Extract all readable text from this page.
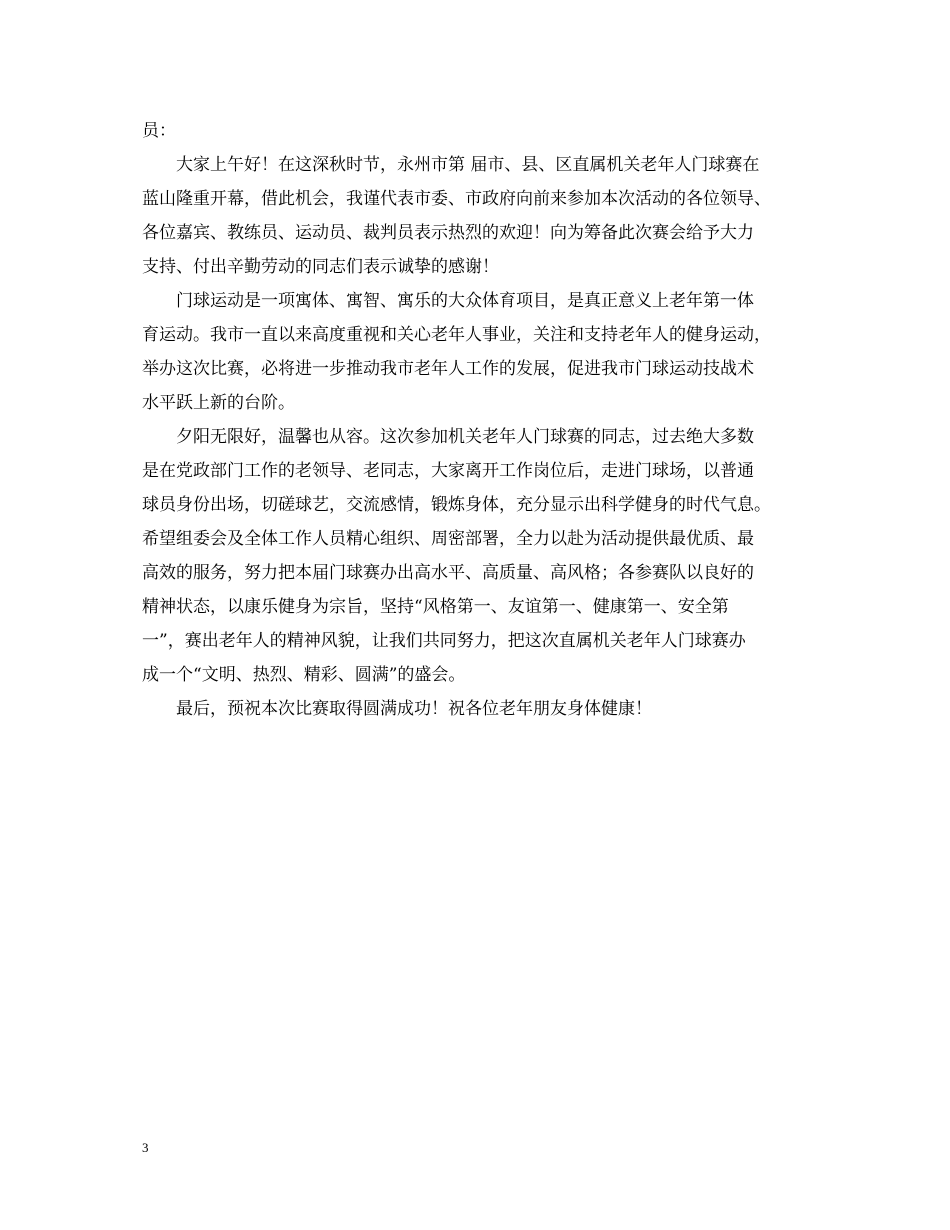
员：
大家上午好！在这深秋时节，永州市第 届市、县、区直属机关老年人门球赛在
蓝山隆重开幕，借此机会，我谨代表市委、市政府向前来参加本次活动的各位领导、
各位嘉宾、教练员、运动员、裁判员表示热烈的欢迎！向为筹备此次赛会给予大力
支持、付出辛勤劳动的同志们表示诚挚的感谢！
门球运动是一项寓体、寓智、寓乐的大众体育项目，是真正意义上老年第一体
育运动。我市一直以来高度重视和关心老年人事业，关注和支持老年人的健身运动，
举办这次比赛，必将进一步推动我市老年人工作的发展，促进我市门球运动技战术
水平跃上新的台阶。
夕阳无限好，温馨也从容。这次参加机关老年人门球赛的同志，过去绝大多数
是在党政部门工作的老领导、老同志，大家离开工作岗位后，走进门球场，以普通
球员身份出场，切磋球艺，交流感情，锻炼身体，充分显示出科学健身的时代气息。
希望组委会及全体工作人员精心组织、周密部署，全力以赴为活动提供最优质、最
高效的服务，努力把本届门球赛办出高水平、高质量、高风格；各参赛队以良好的
精神状态，以康乐健身为宗旨，坚持“风格第一、友谊第一、健康第一、安全第
一”，赛出老年人的精神风貌，让我们共同努力，把这次直属机关老年人门球赛办
成一个“文明、热烈、精彩、圆满”的盛会。
最后，预祝本次比赛取得圆满成功！祝各位老年朋友身体健康！
3
